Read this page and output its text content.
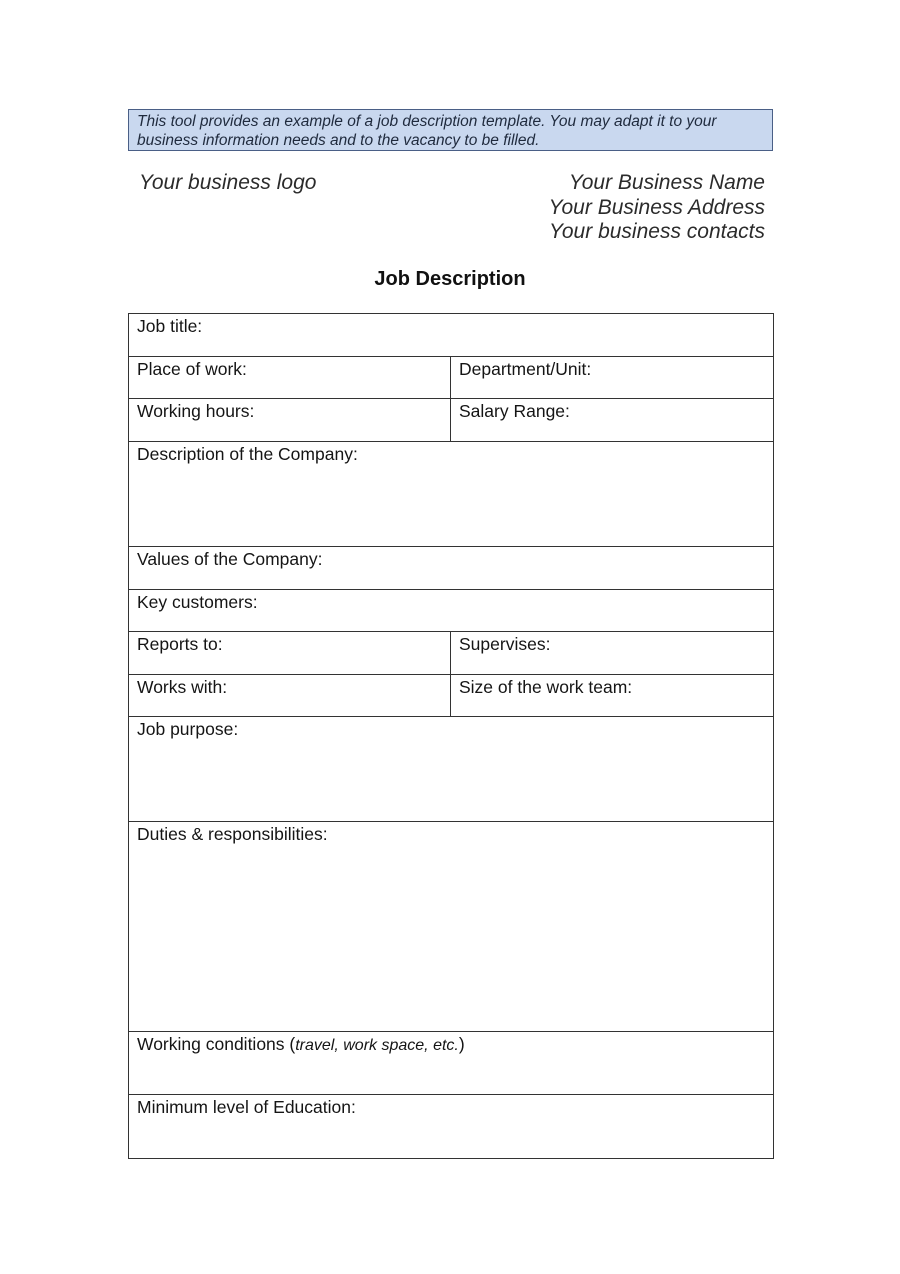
This tool provides an example of a job description template. You may adapt it to your
business information needs and to the vacancy to be filled.
Your business logo	Your Business Name
Your Business Address
Your business contacts
Job Description
Job title:	
Place of work:	Department/Unit:
Working hours:	Salary Range:
Description of the Company:	
Values of the Company:	
Key customers:	
Reports to:	Supervises:
Works with:	Size of the work team:
Job purpose:	
Duties & responsibilities:	
Working conditions (travel, work space, etc.)	
Minimum level of Education:	
